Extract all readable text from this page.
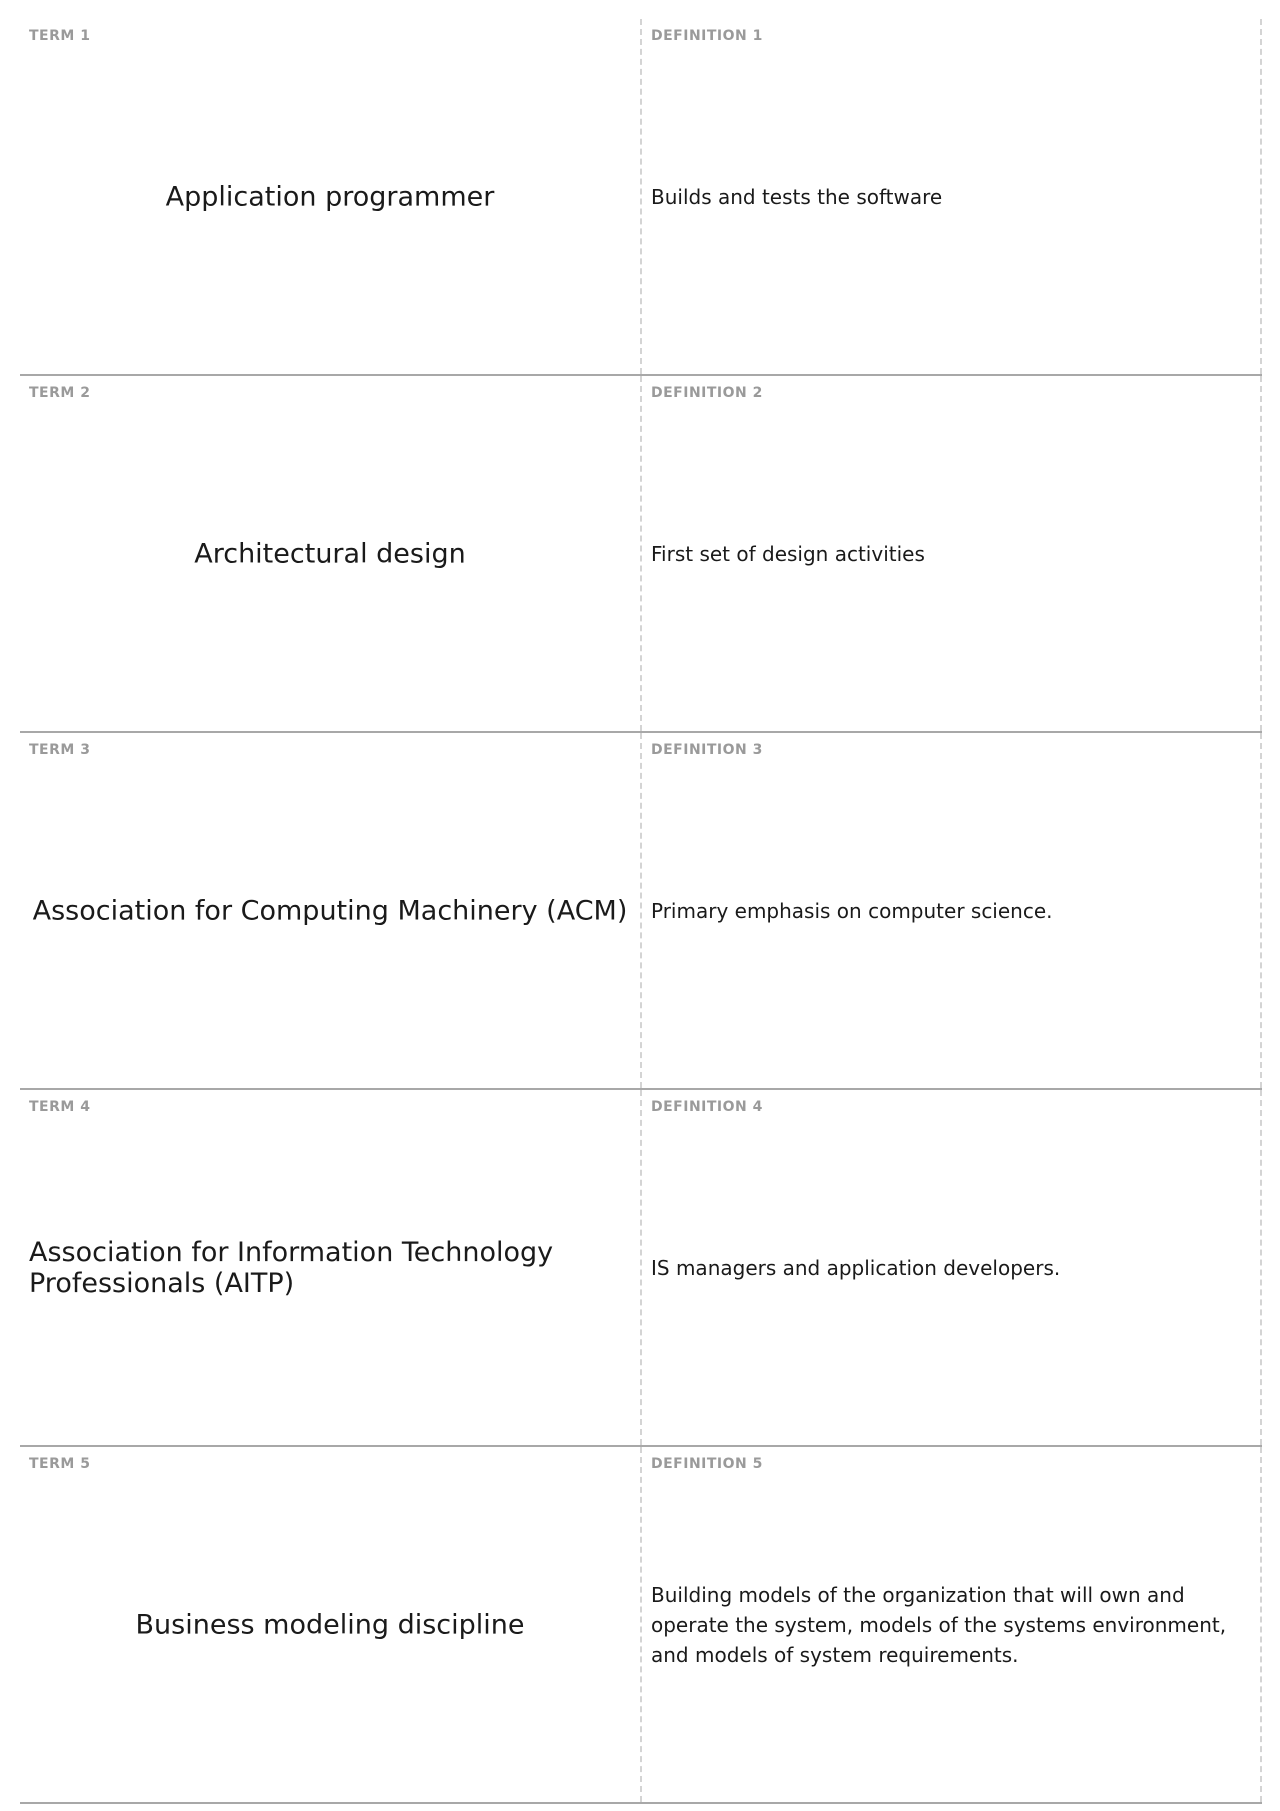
TERM 1
Application programmer
DEFINITION 1
Builds and tests the software
TERM 2
Architectural design
DEFINITION 2
First set of design activities
TERM 3
Association for Computing Machinery (ACM)
DEFINITION 3
Primary emphasis on computer science.
TERM 4
Association for Information Technology Professionals (AITP)
DEFINITION 4
IS managers and application developers.
TERM 5
Business modeling discipline
DEFINITION 5
Building models of the organization that will own and operate the system, models of the systems environment, and models of system requirements.
